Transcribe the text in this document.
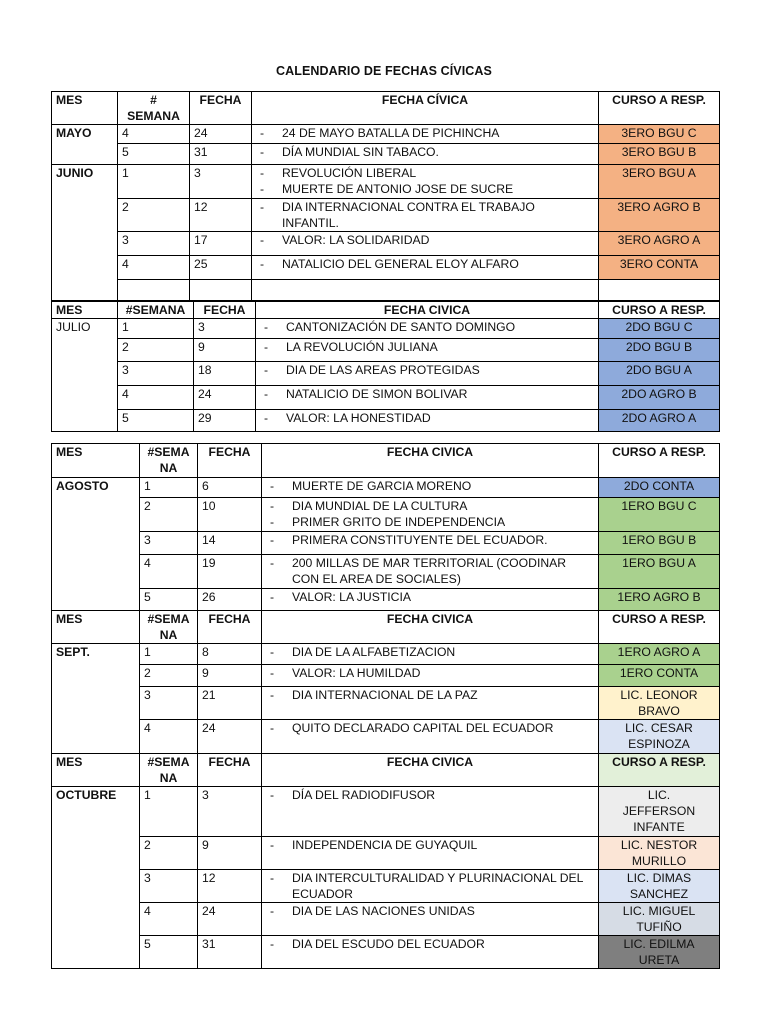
CALENDARIO DE FECHAS CÍVICAS
MES	#
SEMANA	FECHA	FECHA CÍVICA	CURSO A RESP.
MAYO	4	24	- 24 DE MAYO BATALLA DE PICHINCHA	3ERO BGU C
	5	31	- DÍA MUNDIAL SIN TABACO.	3ERO BGU B
JUNIO	1	3	- REVOLUCIÓN LIBERAL
- MUERTE DE ANTONIO JOSE DE SUCRE	3ERO BGU A
	2	12	- DIA INTERNACIONAL CONTRA EL TRABAJO INFANTIL.	3ERO AGRO B
	3	17	- VALOR: LA SOLIDARIDAD	3ERO AGRO A
	4	25	- NATALICIO DEL GENERAL ELOY ALFARO	3ERO CONTA

MES	#SEMANA	FECHA	FECHA CIVICA	CURSO A RESP.
JULIO	1	3	- CANTONIZACIÓN DE SANTO DOMINGO	2DO BGU C
	2	9	- LA REVOLUCIÓN JULIANA	2DO BGU B
	3	18	- DIA DE LAS AREAS PROTEGIDAS	2DO BGU A
	4	24	- NATALICIO DE SIMON BOLIVAR	2DO AGRO B
	5	29	- VALOR: LA HONESTIDAD	2DO AGRO A
MES	#SEMA
NA	FECHA	FECHA CIVICA	CURSO A RESP.
AGOSTO	1	6	- MUERTE DE GARCIA MORENO	2DO CONTA
	2	10	- DIA MUNDIAL DE LA CULTURA
- PRIMER GRITO DE INDEPENDENCIA	1ERO BGU C
	3	14	- PRIMERA CONSTITUYENTE DEL ECUADOR.	1ERO BGU B
	4	19	- 200 MILLAS DE MAR TERRITORIAL (COODINAR CON EL AREA DE SOCIALES)	1ERO BGU A
	5	26	- VALOR: LA JUSTICIA	1ERO AGRO B
MES	#SEMA
NA	FECHA	FECHA CIVICA	CURSO A RESP.
SEPT.	1	8	- DIA DE LA ALFABETIZACION	1ERO AGRO A
	2	9	- VALOR: LA HUMILDAD	1ERO CONTA
	3	21	- DIA INTERNACIONAL DE LA PAZ	LIC. LEONOR
BRAVO
	4	24	- QUITO DECLARADO CAPITAL DEL ECUADOR	LIC. CESAR
ESPINOZA
MES	#SEMA
NA	FECHA	FECHA CIVICA	CURSO A RESP.
OCTUBRE	1	3	- DÍA DEL RADIODIFUSOR	LIC.
JEFFERSON
INFANTE
	2	9	- INDEPENDENCIA DE GUYAQUIL	LIC. NESTOR
MURILLO
	3	12	- DIA INTERCULTURALIDAD Y PLURINACIONAL DEL ECUADOR	LIC. DIMAS
SANCHEZ
	4	24	- DIA DE LAS NACIONES UNIDAS	LIC. MIGUEL
TUFIÑO
	5	31	- DIA DEL ESCUDO DEL ECUADOR	LIC. EDILMA
URETA
